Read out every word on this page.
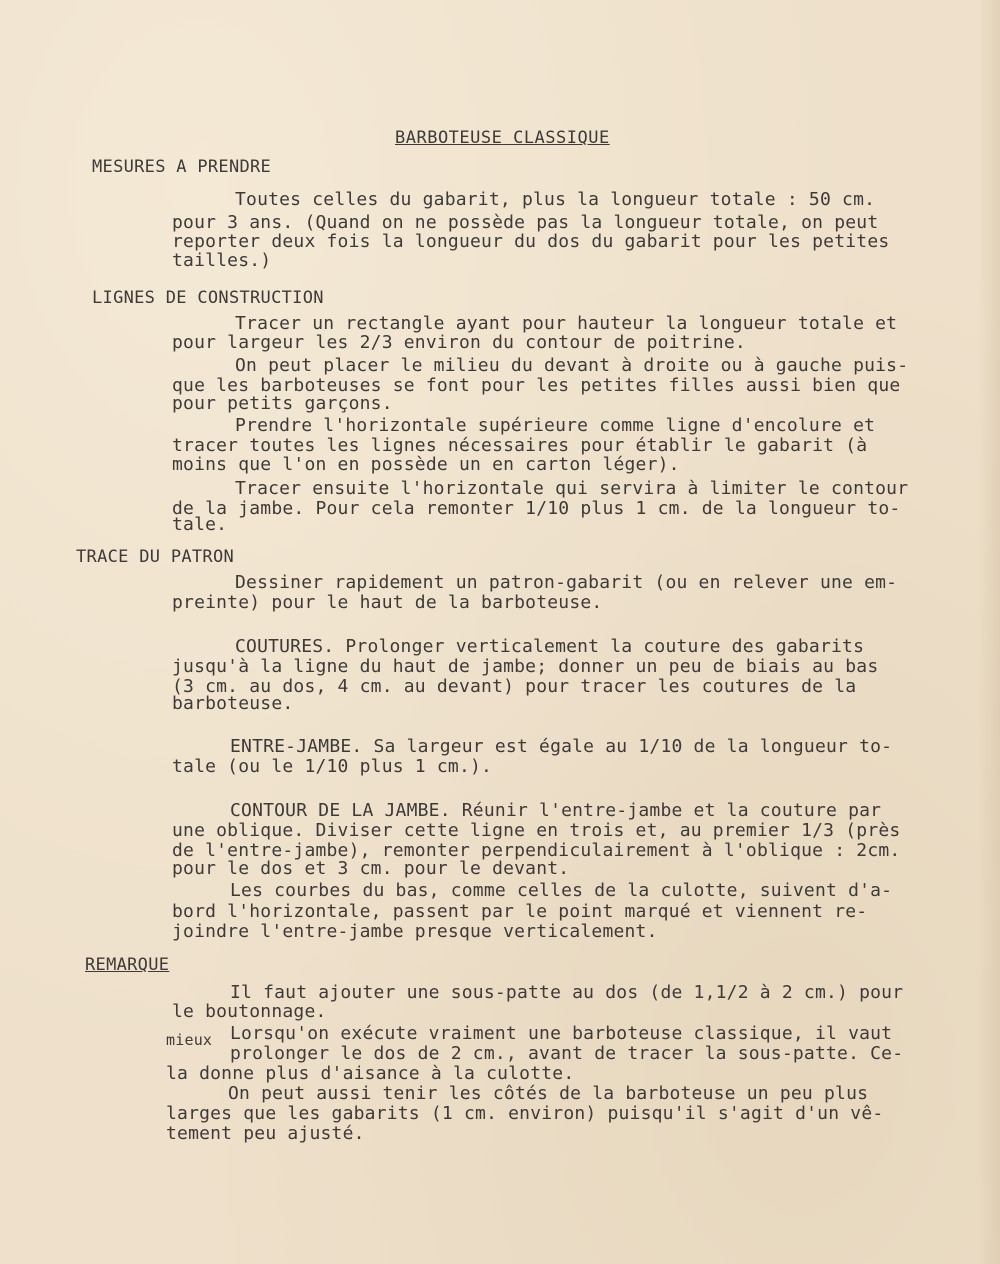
BARBOTEUSE CLASSIQUE
MESURES A PRENDRE
Toutes celles du gabarit, plus la longueur totale : 50 cm.
pour 3 ans. (Quand on ne possède pas la longueur totale, on peut
reporter deux fois la longueur du dos du gabarit pour les petites
tailles.)
LIGNES DE CONSTRUCTION
Tracer un rectangle ayant pour hauteur la longueur totale et
pour largeur les 2/3 environ du contour de poitrine.
On peut placer le milieu du devant à droite ou à gauche puis-
que les barboteuses se font pour les petites filles aussi bien que
pour petits garçons.
Prendre l'horizontale supérieure comme ligne d'encolure et
tracer toutes les lignes nécessaires pour établir le gabarit (à
moins que l'on en possède un en carton léger).
Tracer ensuite l'horizontale qui servira à limiter le contour
de la jambe. Pour cela remonter 1/10 plus 1 cm. de la longueur to-
tale.
TRACE DU PATRON
Dessiner rapidement un patron-gabarit (ou en relever une em-
preinte) pour le haut de la barboteuse.
COUTURES. Prolonger verticalement la couture des gabarits
jusqu'à la ligne du haut de jambe; donner un peu de biais au bas
(3 cm. au dos, 4 cm. au devant) pour tracer les coutures de la
barboteuse.
ENTRE-JAMBE. Sa largeur est égale au 1/10 de la longueur to-
tale (ou le 1/10 plus 1 cm.).
CONTOUR DE LA JAMBE. Réunir l'entre-jambe et la couture par
une oblique. Diviser cette ligne en trois et, au premier 1/3 (près
de l'entre-jambe), remonter perpendiculairement à l'oblique : 2cm.
pour le dos et 3 cm. pour le devant.
Les courbes du bas, comme celles de la culotte, suivent d'a-
bord l'horizontale, passent par le point marqué et viennent re-
joindre l'entre-jambe presque verticalement.
REMARQUE
Il faut ajouter une sous-patte au dos (de 1,1/2 à 2 cm.) pour
le boutonnage.
Lorsqu'on exécute vraiment une barboteuse classique, il vaut
mieux
prolonger le dos de 2 cm., avant de tracer la sous-patte. Ce-
la donne plus d'aisance à la culotte.
On peut aussi tenir les côtés de la barboteuse un peu plus
larges que les gabarits (1 cm. environ) puisqu'il s'agit d'un vê-
tement peu ajusté.
